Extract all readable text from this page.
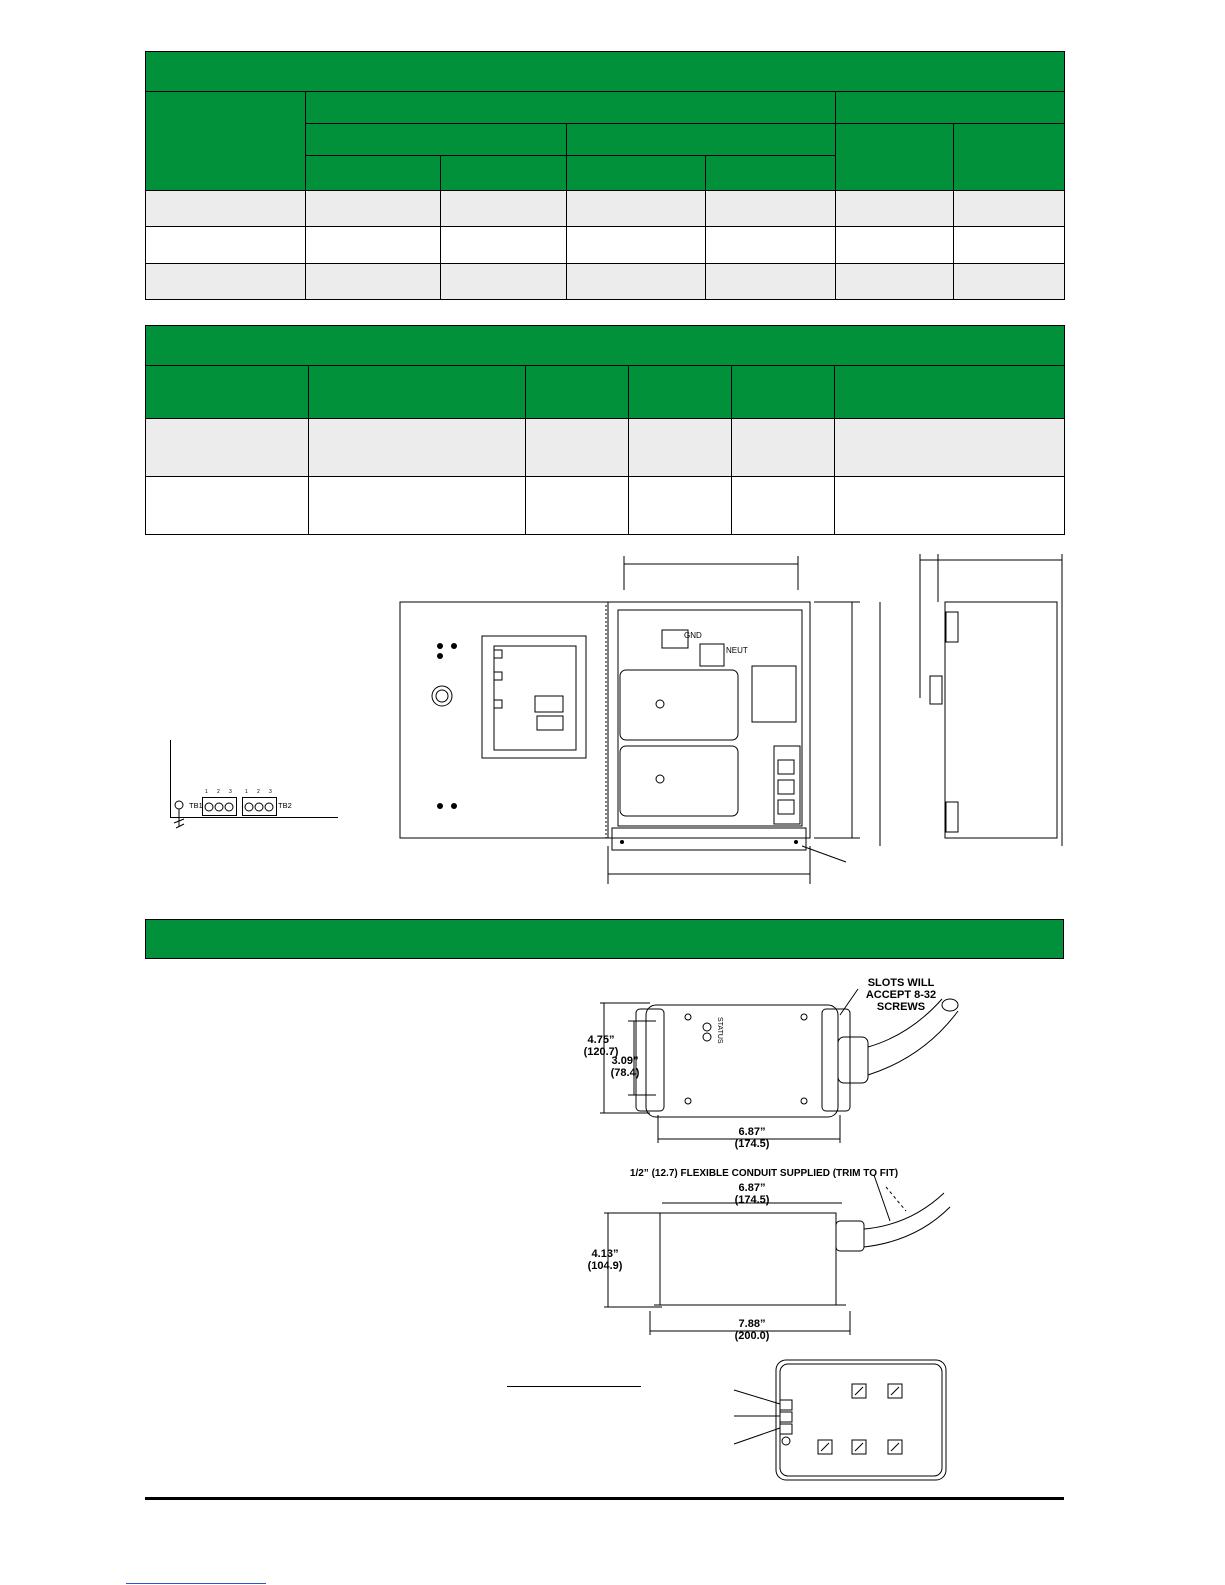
TB1	TB2
1 2 3	1 2 3
GND
NEUT
STATUS
SLOTS WILL
ACCEPT 8-32
SCREWS
4.75”
(120.7)
3.09”
(78.4)
6.87”
(174.5)
1/2” (12.7) FLEXIBLE CONDUIT SUPPLIED (TRIM TO FIT)
6.87”
(174.5)
4.13”
(104.9)
7.88”
(200.0)
